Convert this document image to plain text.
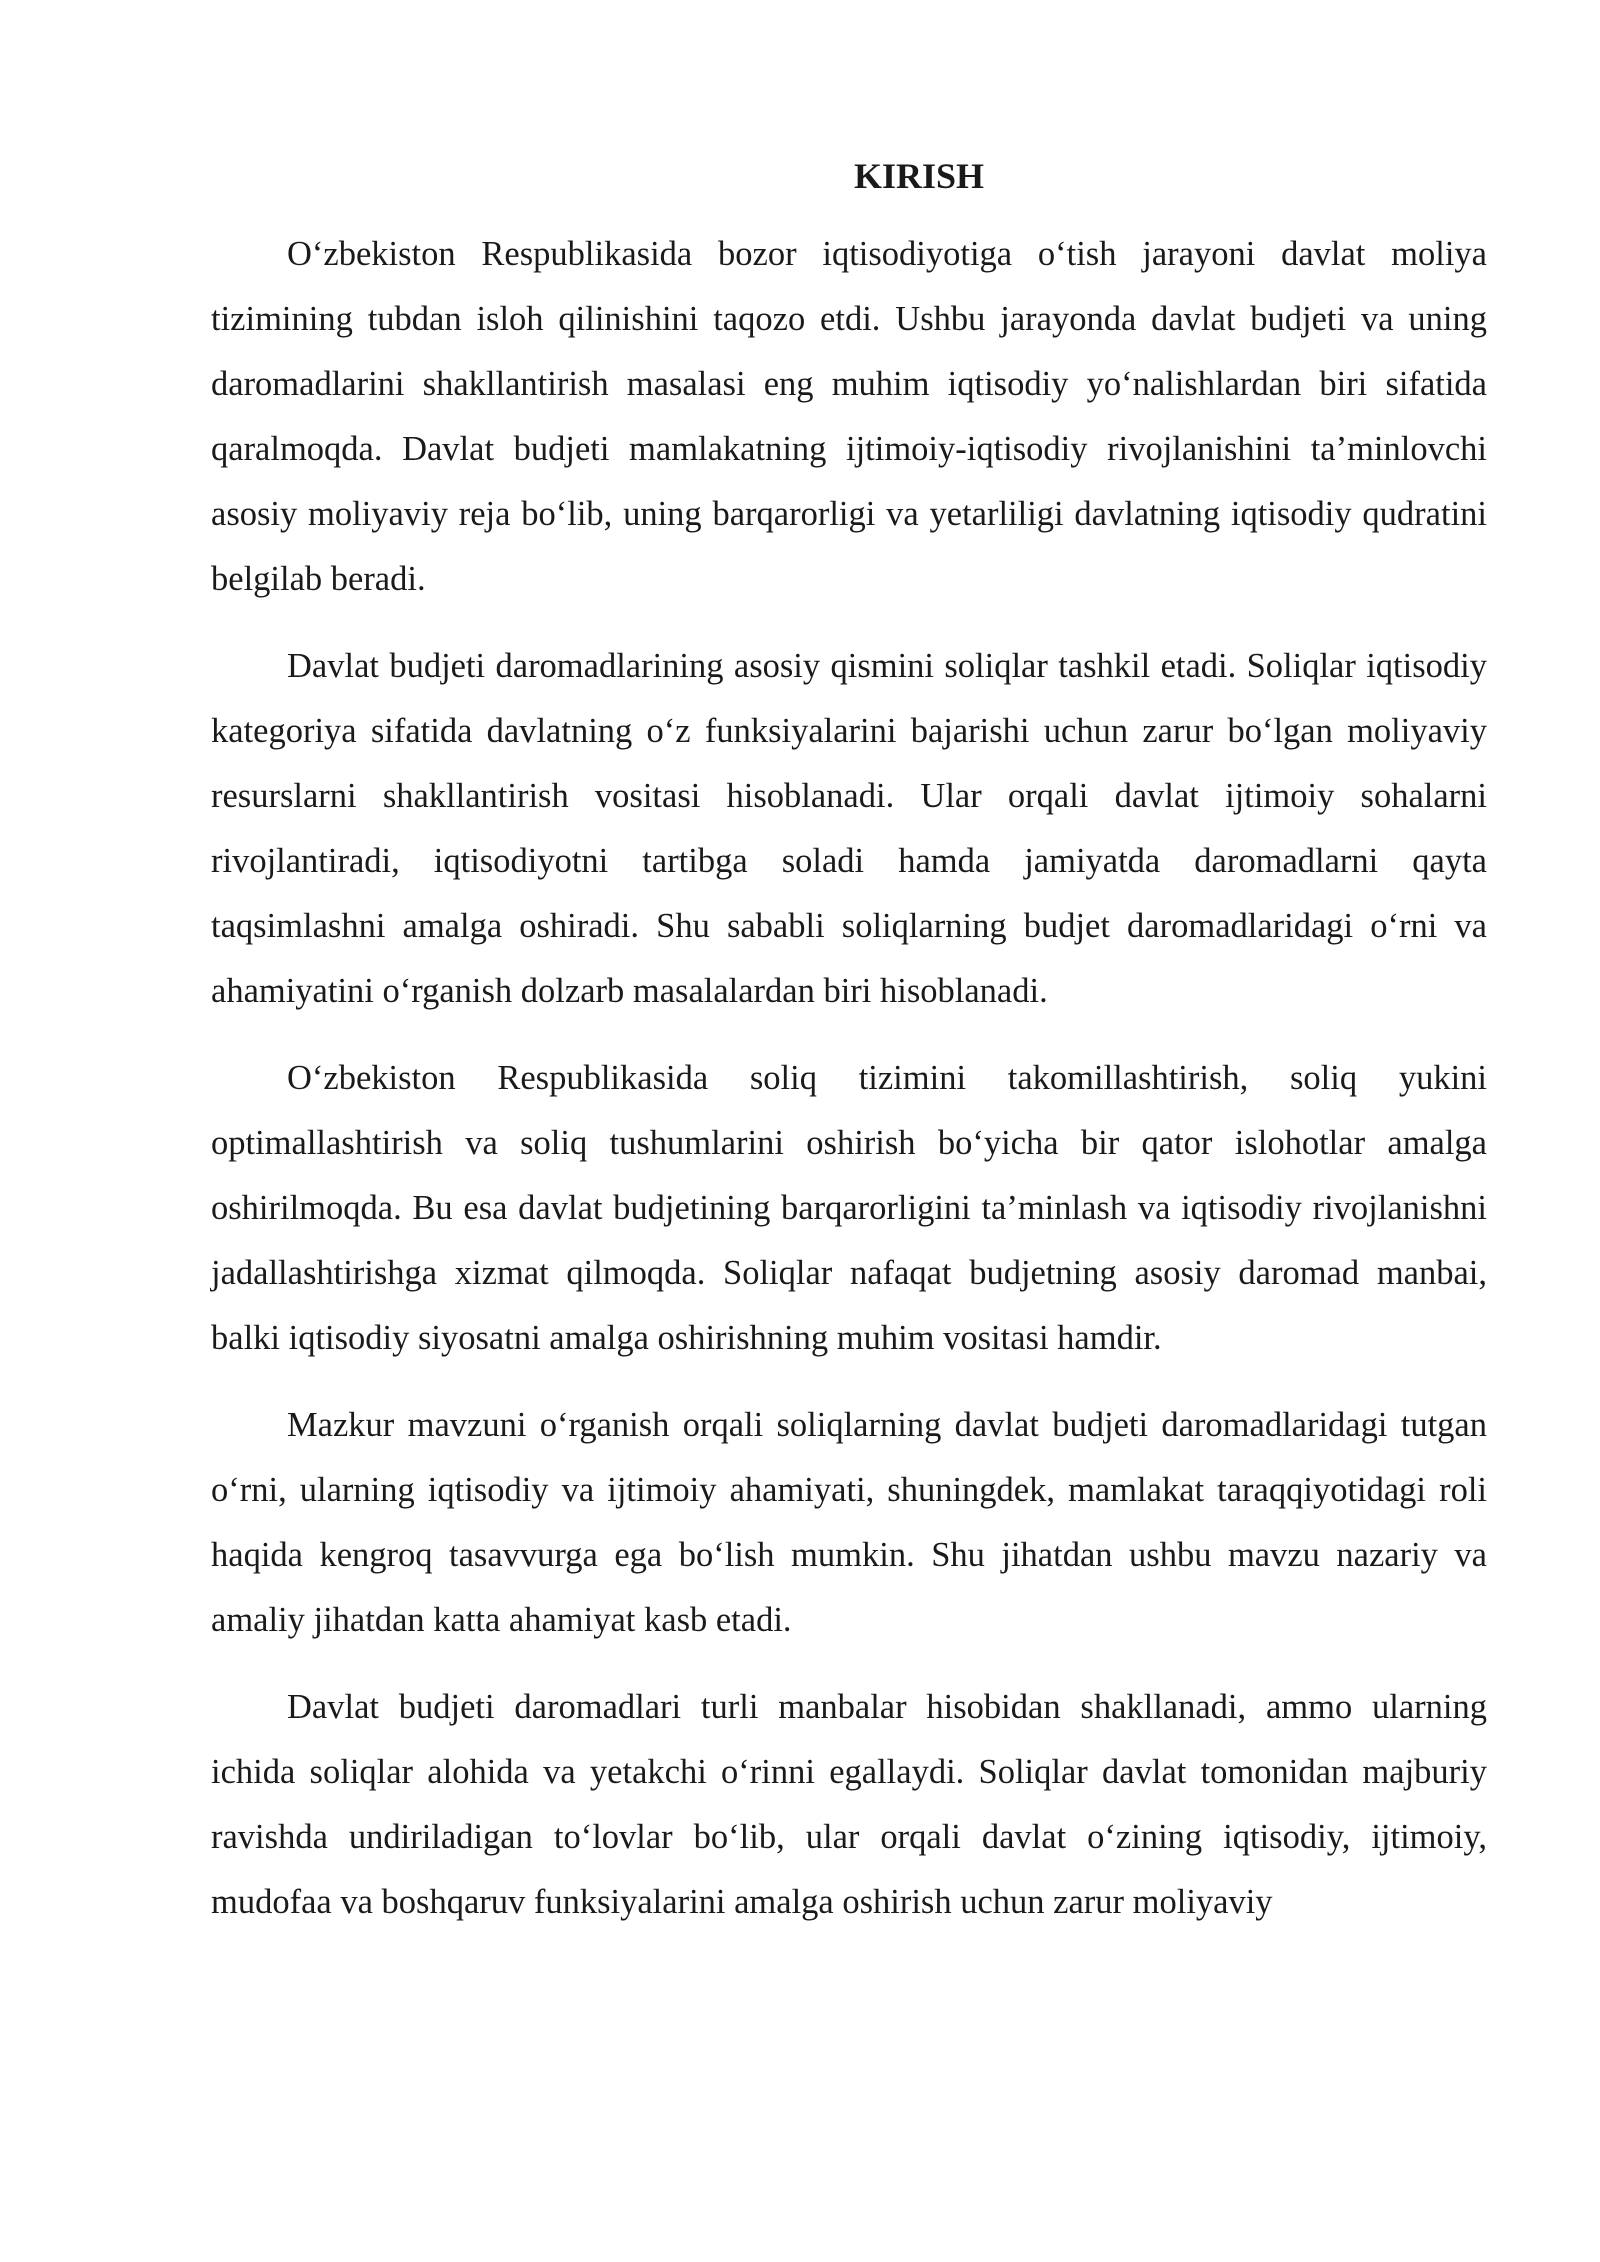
KIRISH

O‘zbekiston Respublikasida bozor iqtisodiyotiga o‘tish jarayoni davlat moliya tizimining tubdan isloh qilinishini taqozo etdi. Ushbu jarayonda davlat budjeti va uning daromadlarini shakllantirish masalasi eng muhim iqtisodiy yo‘nalishlardan biri sifatida qaralmoqda. Davlat budjeti mamlakatning ijtimoiy-iqtisodiy rivojlanishini ta’minlovchi asosiy moliyaviy reja bo‘lib, uning barqarorligi va yetarliligi davlatning iqtisodiy qudratini belgilab beradi.

Davlat budjeti daromadlarining asosiy qismini soliqlar tashkil etadi. Soliqlar iqtisodiy kategoriya sifatida davlatning o‘z funksiyalarini bajarishi uchun zarur bo‘lgan moliyaviy resurslarni shakllantirish vositasi hisoblanadi. Ular orqali davlat ijtimoiy sohalarni rivojlantiradi, iqtisodiyotni tartibga soladi hamda jamiyatda daromadlarni qayta taqsimlashni amalga oshiradi. Shu sababli soliqlarning budjet daromadlaridagi o‘rni va ahamiyatini o‘rganish dolzarb masalalardan biri hisoblanadi.

O‘zbekiston Respublikasida soliq tizimini takomillashtirish, soliq yukini optimallashtirish va soliq tushumlarini oshirish bo‘yicha bir qator islohotlar amalga oshirilmoqda. Bu esa davlat budjetining barqarorligini ta’minlash va iqtisodiy rivojlanishni jadallashtirishga xizmat qilmoqda. Soliqlar nafaqat budjetning asosiy daromad manbai, balki iqtisodiy siyosatni amalga oshirishning muhim vositasi hamdir.

Mazkur mavzuni o‘rganish orqali soliqlarning davlat budjeti daromadlaridagi tutgan o‘rni, ularning iqtisodiy va ijtimoiy ahamiyati, shuningdek, mamlakat taraqqiyotidagi roli haqida kengroq tasavvurga ega bo‘lish mumkin. Shu jihatdan ushbu mavzu nazariy va amaliy jihatdan katta ahamiyat kasb etadi.

Davlat budjeti daromadlari turli manbalar hisobidan shakllanadi, ammo ularning ichida soliqlar alohida va yetakchi o‘rinni egallaydi. Soliqlar davlat tomonidan majburiy ravishda undiriladigan to‘lovlar bo‘lib, ular orqali davlat o‘zining iqtisodiy, ijtimoiy, mudofaa va boshqaruv funksiyalarini amalga oshirish uchun zarur moliyaviy
